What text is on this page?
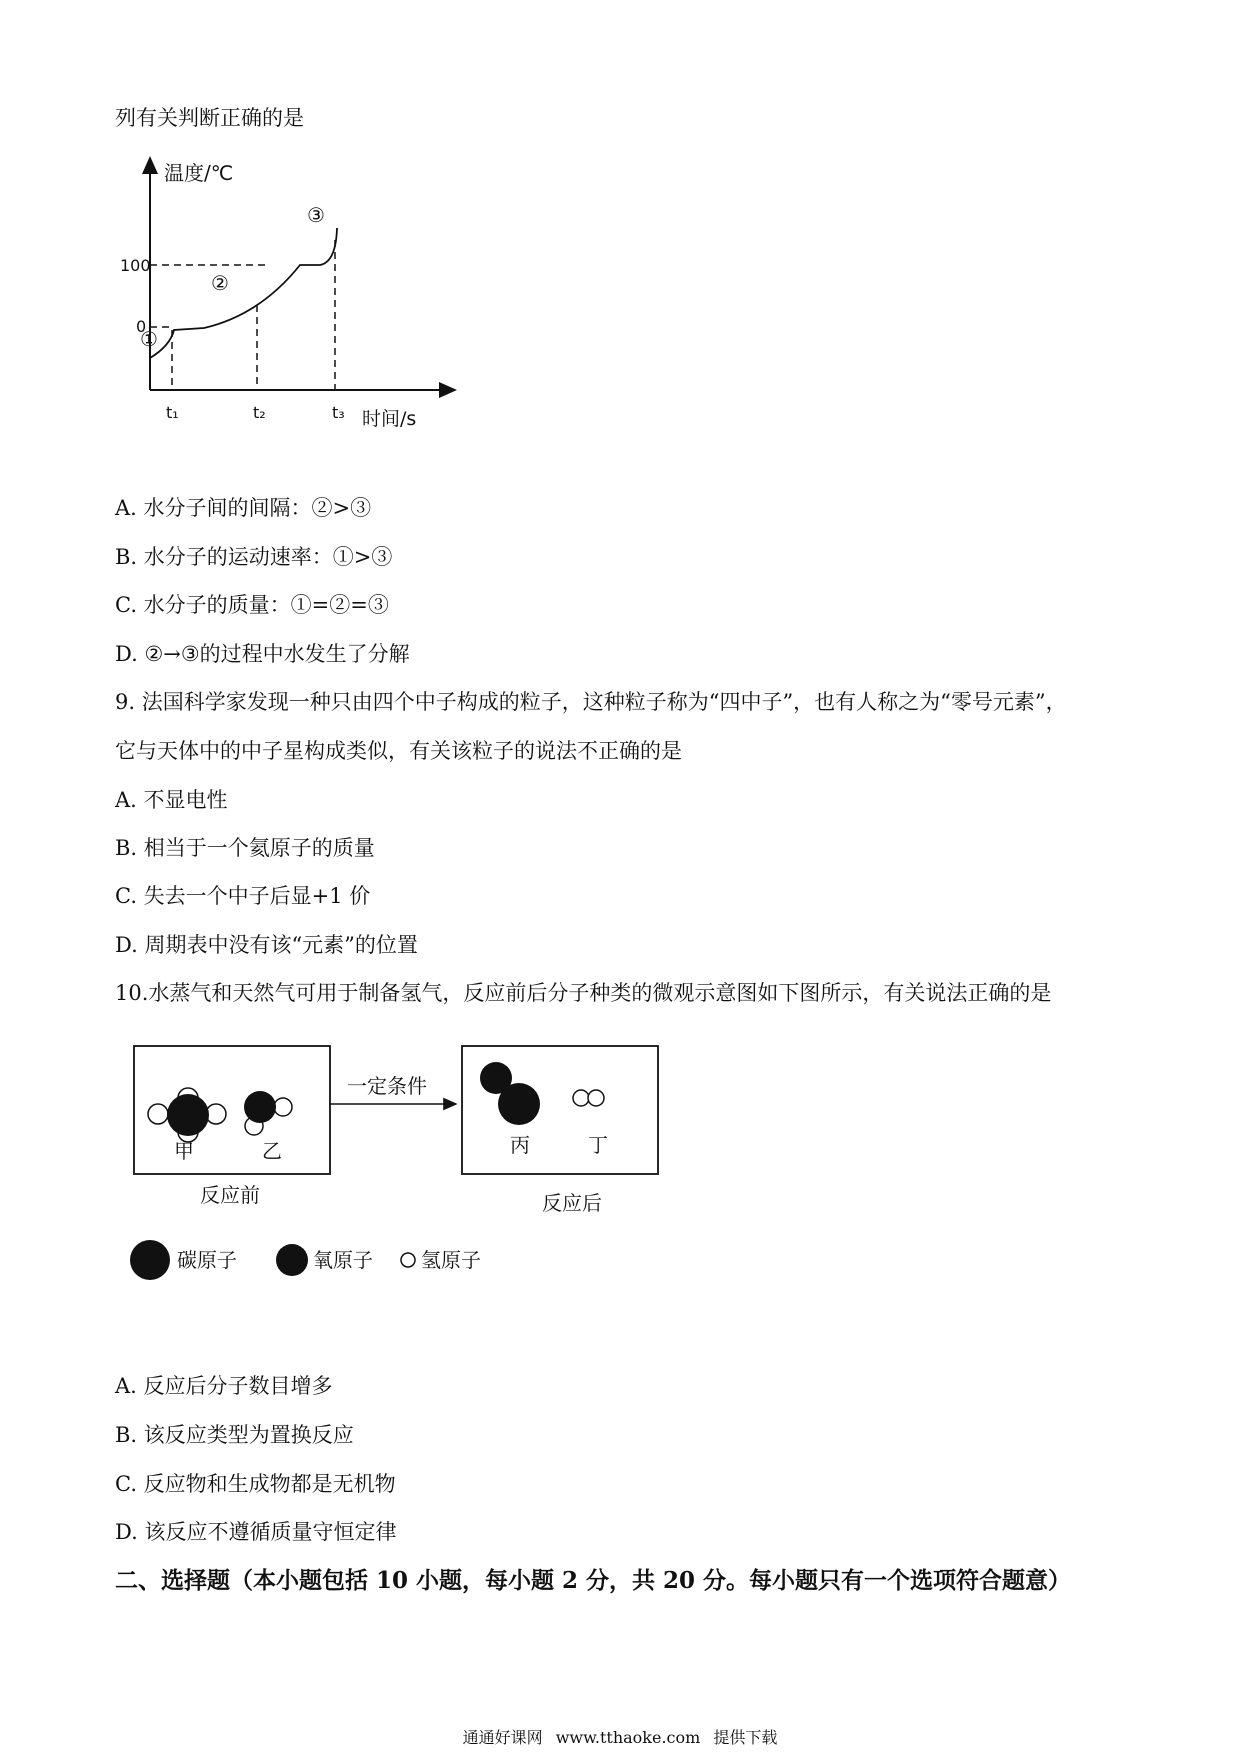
列有关判断正确的是
温度/℃
时间/s
100
0
t₁	t₂	t₃
①
②
③
A. 水分子间的间隔：②>③
B. 水分子的运动速率：①>③
C. 水分子的质量：①=②=③
D. ②→③的过程中水发生了分解
9. 法国科学家发现一种只由四个中子构成的粒子，这种粒子称为“四中子”，也有人称之为“零号元素”，
它与天体中的中子星构成类似，有关该粒子的说法不正确的是
A. 不显电性
B. 相当于一个氦原子的质量
C. 失去一个中子后显+1 价
D. 周期表中没有该“元素”的位置
10.水蒸气和天然气可用于制备氢气，反应前后分子种类的微观示意图如下图所示，有关说法正确的是
甲	乙
一定条件
丙	丁
反应前	反应后
碳原子	氧原子 氢原子
A. 反应后分子数目增多
B. 该反应类型为置换反应
C. 反应物和生成物都是无机物
D. 该反应不遵循质量守恒定律
二、选择题（本小题包括 10 小题，每小题 2 分，共 20 分。每小题只有一个选项符合题意）
通通好课网 www.tthaoke.com 提供下载
